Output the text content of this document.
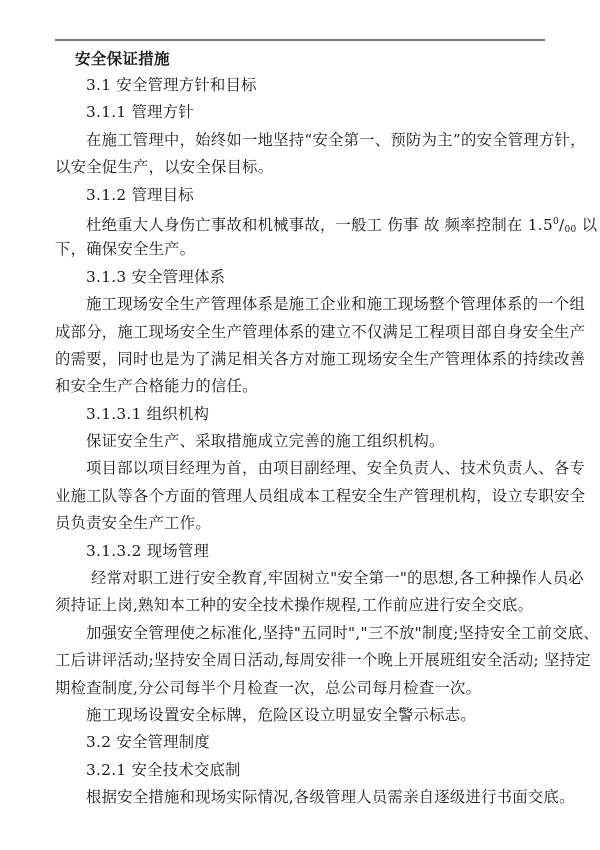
安全保证措施
3.1 安全管理方针和目标
3.1.1 管理方针
在施工管理中，始终如一地坚持“安全第一、预防为主”的安全管理方针，
以安全促生产，以安全保目标。
3.1.2 管理目标
杜绝重大人身伤亡事故和机械事故，一般工 伤事 故 频率控制在 $1.5^0/_{00}$ 以
下，确保安全生产。
3.1.3 安全管理体系
施工现场安全生产管理体系是施工企业和施工现场整个管理体系的一个组
成部分，施工现场安全生产管理体系的建立不仅满足工程项目部自身安全生产
的需要，同时也是为了满足相关各方对施工现场安全生产管理体系的持续改善
和安全生产合格能力的信任。
3.1.3.1 组织机构
保证安全生产、采取措施成立完善的施工组织机构。
项目部以项目经理为首，由项目副经理、安全负责人、技术负责人、各专
业施工队等各个方面的管理人员组成本工程安全生产管理机构，设立专职安全
员负责安全生产工作。
3.1.3.2 现场管理
经常对职工进行安全教育,牢固树立"安全第一"的思想,各工种操作人员必
须持证上岗,熟知本工种的安全技术操作规程,工作前应进行安全交底。
加强安全管理使之标准化,坚持"五同时","三不放"制度;坚持安全工前交底、
工后讲评活动;坚持安全周日活动,每周安徘一个晚上开展班组安全活动; 坚持定
期检查制度,分公司每半个月检查一次，总公司每月检查一次。
施工现场设置安全标牌，危险区设立明显安全警示标志。
3.2 安全管理制度
3.2.1 安全技术交底制
根据安全措施和现场实际情况,各级管理人员需亲自逐级进行书面交底。
